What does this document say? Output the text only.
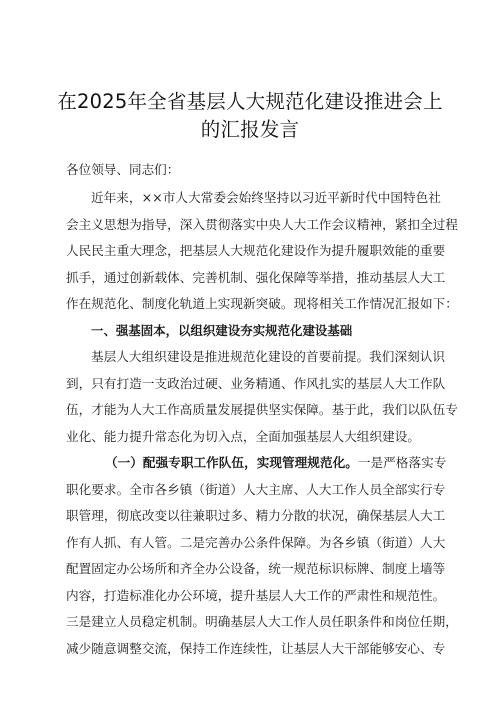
在2025年全省基层人大规范化建设推进会上
的汇报发言
各位领导、同志们：
近年来，××市人大常委会始终坚持以习近平新时代中国特色社
会主义思想为指导，深入贯彻落实中央人大工作会议精神，紧扣全过程
人民民主重大理念，把基层人大规范化建设作为提升履职效能的重要
抓手，通过创新载体、完善机制、强化保障等举措，推动基层人大工
作在规范化、制度化轨道上实现新突破。现将相关工作情况汇报如下：
一、强基固本，以组织建设夯实规范化建设基础
基层人大组织建设是推进规范化建设的首要前提。我们深刻认识
到，只有打造一支政治过硬、业务精通、作风扎实的基层人大工作队
伍，才能为人大工作高质量发展提供坚实保障。基于此，我们以队伍专
业化、能力提升常态化为切入点，全面加强基层人大组织建设。
（一）配强专职工作队伍，实现管理规范化。一是严格落实专
职化要求。全市各乡镇（街道）人大主席、人大工作人员全部实行专
职管理，彻底改变以往兼职过多、精力分散的状况，确保基层人大工
作有人抓、有人管。二是完善办公条件保障。为各乡镇（街道）人大
配置固定办公场所和齐全办公设备，统一规范标识标牌、制度上墙等
内容，打造标准化办公环境，提升基层人大工作的严肃性和规范性。
三是建立人员稳定机制。明确基层人大工作人员任职条件和岗位任期，
减少随意调整交流，保持工作连续性，让基层人大干部能够安心、专
